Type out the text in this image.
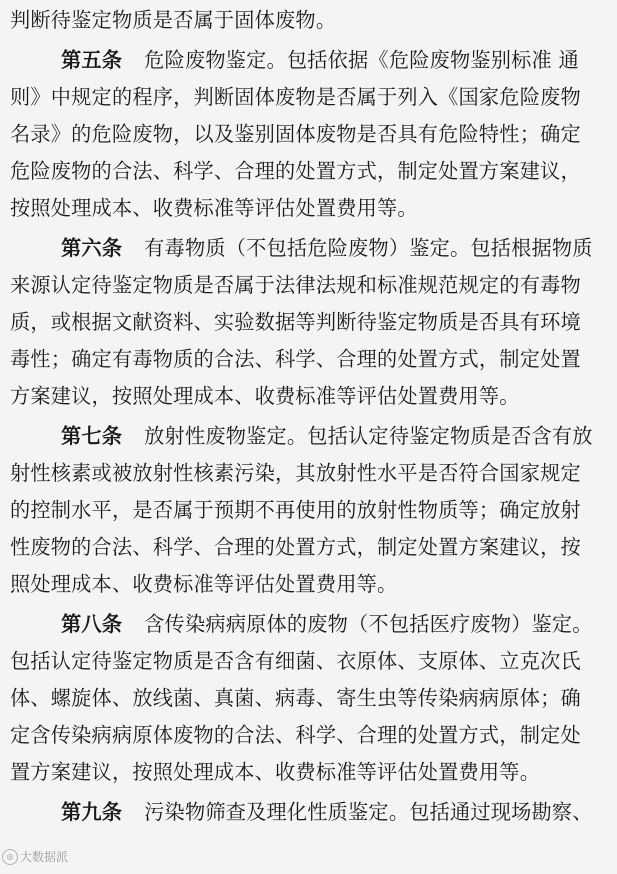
判断待鉴定物质是否属于固体废物。
第五条 危险废物鉴定。包括依据《危险废物鉴别标准 通
则》中规定的程序，判断固体废物是否属于列入《国家危险废物
名录》的危险废物，以及鉴别固体废物是否具有危险特性；确定
危险废物的合法、科学、合理的处置方式，制定处置方案建议，
按照处理成本、收费标准等评估处置费用等。
第六条 有毒物质（不包括危险废物）鉴定。包括根据物质
来源认定待鉴定物质是否属于法律法规和标准规范规定的有毒物
质，或根据文献资料、实验数据等判断待鉴定物质是否具有环境
毒性；确定有毒物质的合法、科学、合理的处置方式，制定处置
方案建议，按照处理成本、收费标准等评估处置费用等。
第七条 放射性废物鉴定。包括认定待鉴定物质是否含有放
射性核素或被放射性核素污染，其放射性水平是否符合国家规定
的控制水平，是否属于预期不再使用的放射性物质等；确定放射
性废物的合法、科学、合理的处置方式，制定处置方案建议，按
照处理成本、收费标准等评估处置费用等。
第八条 含传染病病原体的废物（不包括医疗废物）鉴定。
包括认定待鉴定物质是否含有细菌、衣原体、支原体、立克次氏
体、螺旋体、放线菌、真菌、病毒、寄生虫等传染病病原体；确
定含传染病病原体废物的合法、科学、合理的处置方式，制定处
置方案建议，按照处理成本、收费标准等评估处置费用等。
第九条 污染物筛查及理化性质鉴定。包括通过现场勘察、
◎ 大数据派
